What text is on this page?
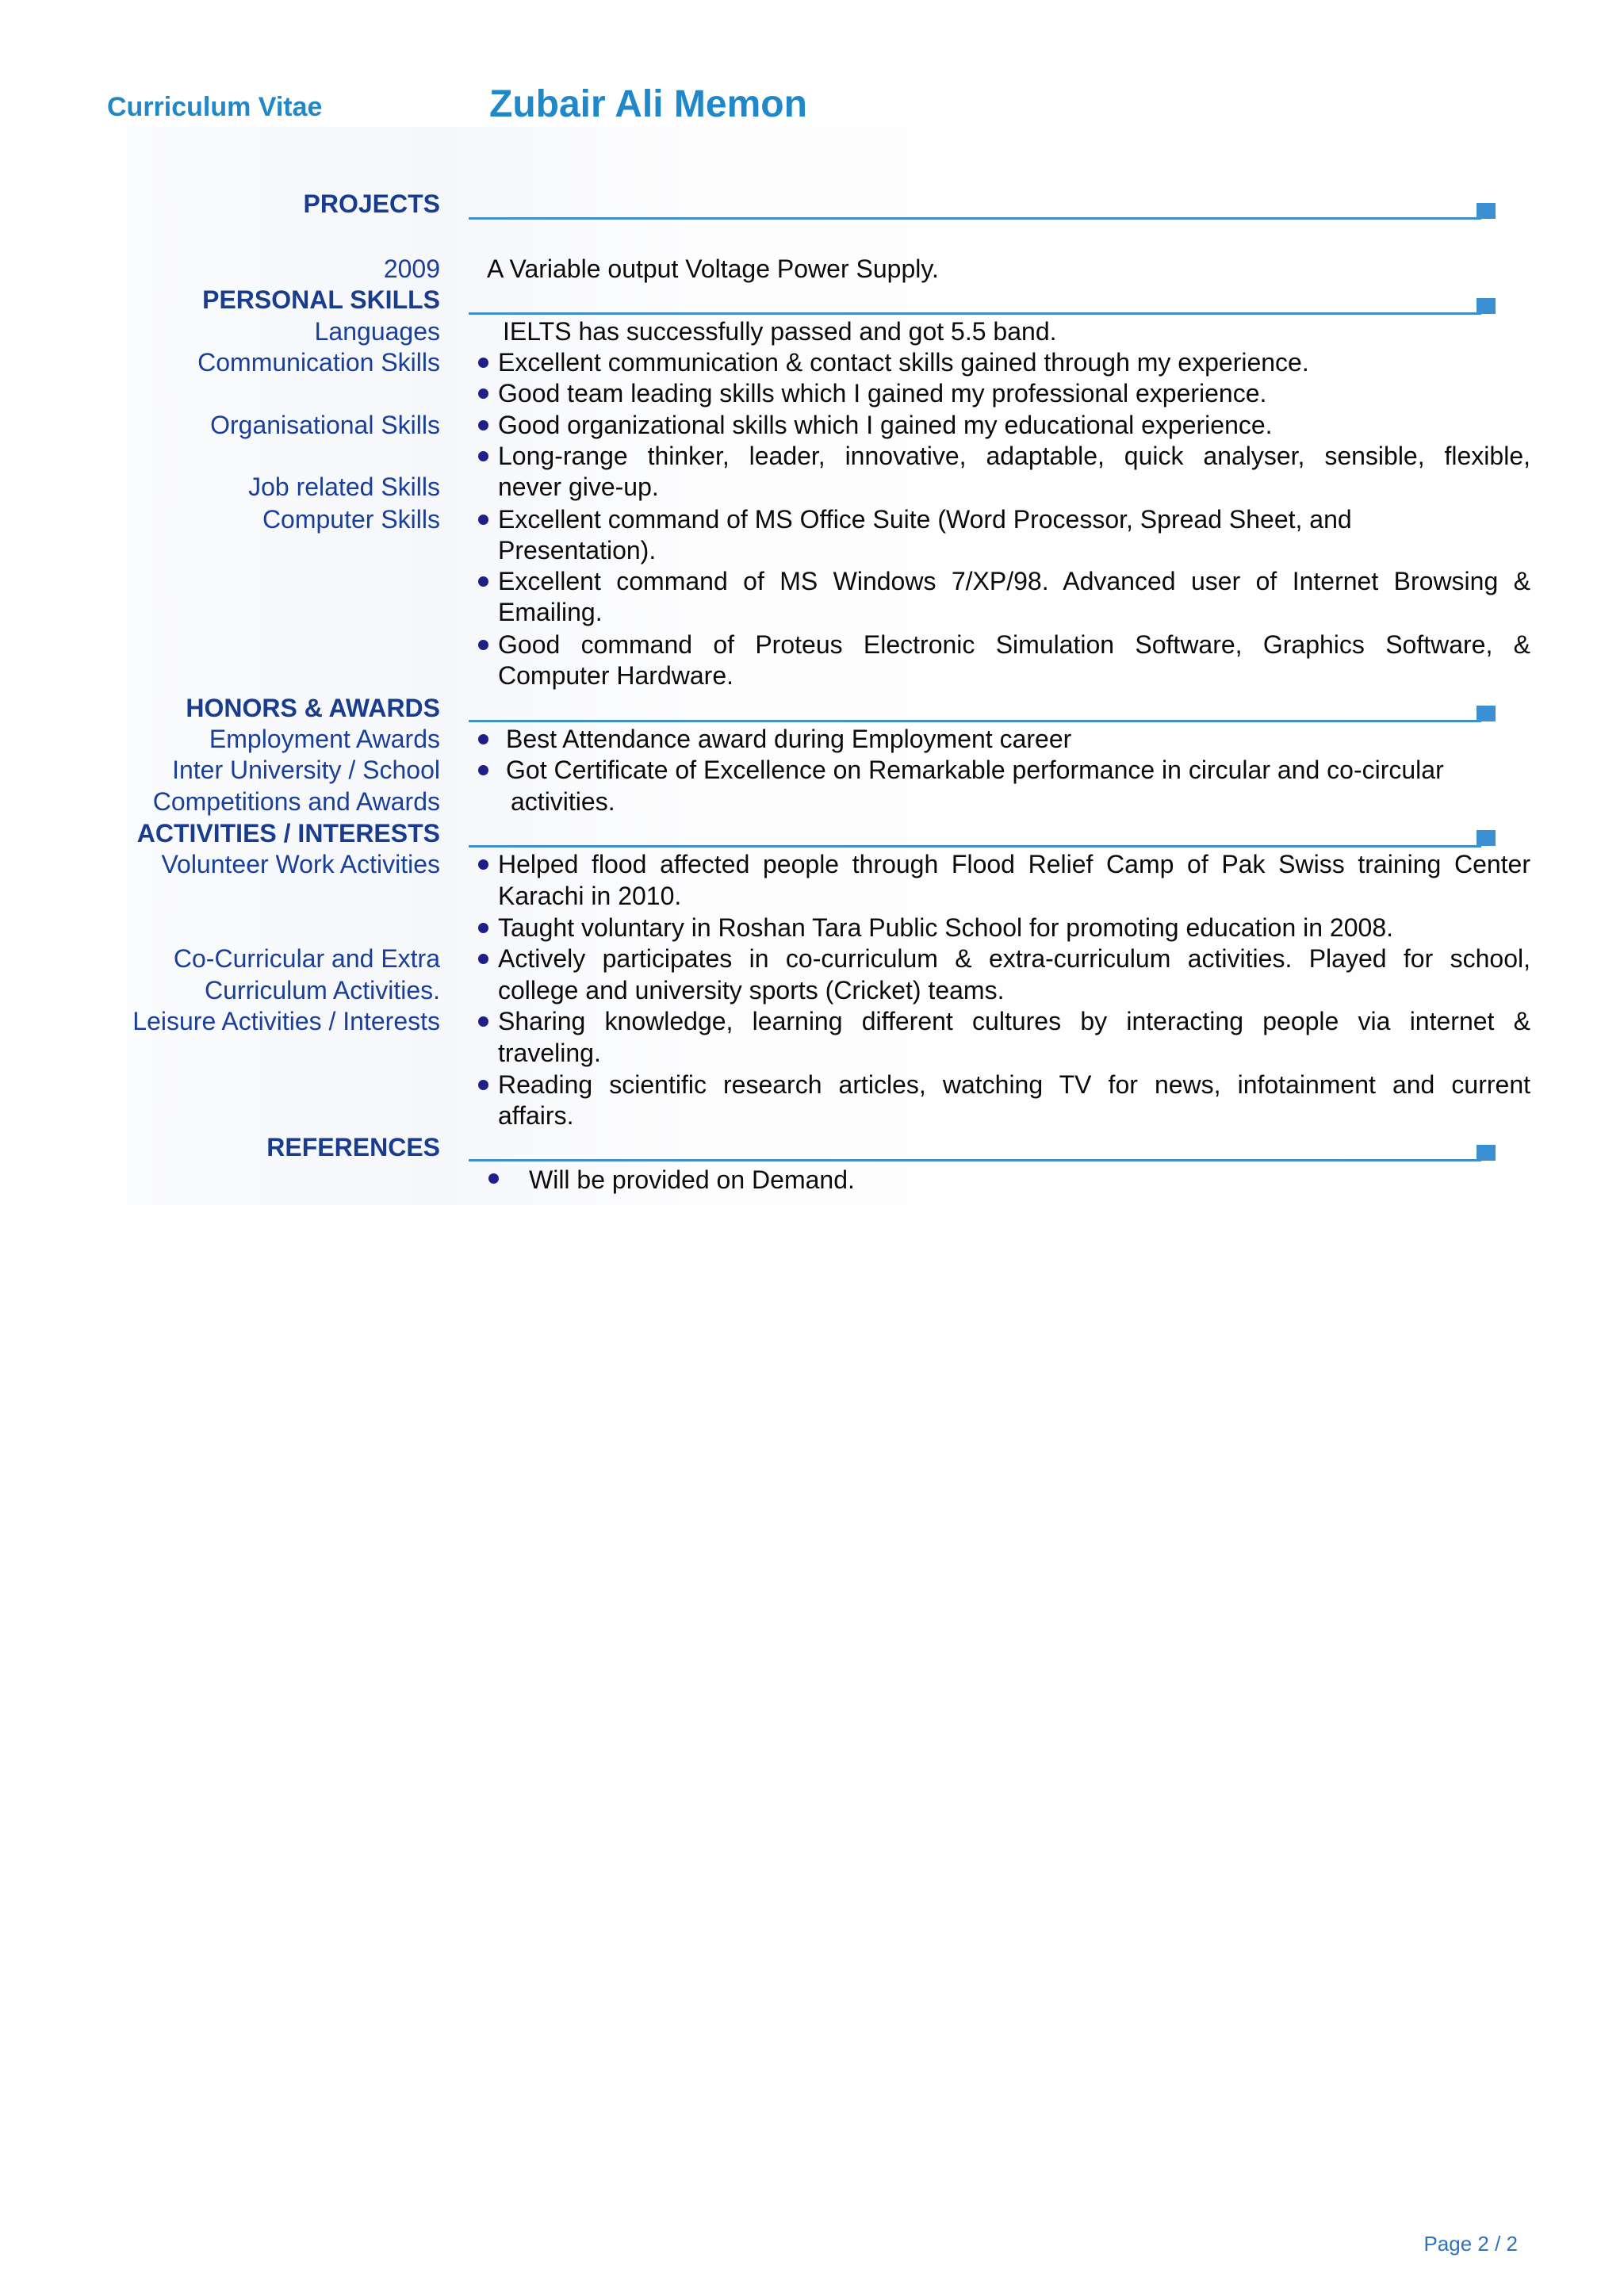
Curriculum Vitae	Zubair Ali Memon
PROJECTS
2009 A Variable output Voltage Power Supply.
PERSONAL SKILLS
Languages
Communication Skills
Organisational Skills
Job related Skills
Computer Skills
IELTS has successfully passed and got 5.5 band.
Excellent communication & contact skills gained through my experience.
Good team leading skills which I gained my professional experience.
Good organizational skills which I gained my educational experience.
Long-range thinker, leader, innovative, adaptable, quick analyser, sensible, flexible,
never give-up.
Excellent command of MS Office Suite (Word Processor, Spread Sheet, and
Presentation).
Excellent command of MS Windows 7/XP/98. Advanced user of Internet Browsing &
Emailing.
Good command of Proteus Electronic Simulation Software, Graphics Software, &
Computer Hardware.
HONORS & AWARDS
Employment Awards
Inter University / School
Competitions and Awards
Best Attendance award during Employment career
Got Certificate of Excellence on Remarkable performance in circular and co-circular
activities.
ACTIVITIES / INTERESTS
Volunteer Work Activities
Co-Curricular and Extra
Curriculum Activities.
Leisure Activities / Interests
Helped flood affected people through Flood Relief Camp of Pak Swiss training Center
Karachi in 2010.
Taught voluntary in Roshan Tara Public School for promoting education in 2008.
Actively participates in co-curriculum & extra-curriculum activities. Played for school,
college and university sports (Cricket) teams.
Sharing knowledge, learning different cultures by interacting people via internet &
traveling.
Reading scientific research articles, watching TV for news, infotainment and current
affairs.
REFERENCES
Will be provided on Demand.
Page 2 / 2
